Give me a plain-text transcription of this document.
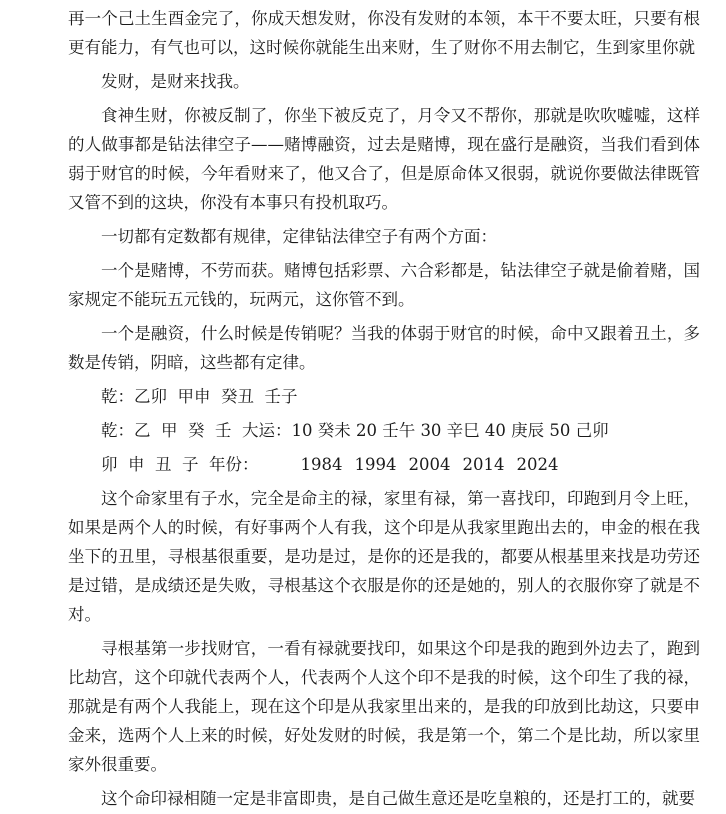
再一个己土生酉金完了，你成天想发财，你没有发财的本领，本干不要太旺，只要有根更有能力，有气也可以，这时候你就能生出来财，生了财你不用去制它，生到家里你就
发财，是财来找我。
食神生财，你被反制了，你坐下被反克了，月令又不帮你，那就是吹吹嘘嘘，这样的人做事都是钻法律空子——赌博融资，过去是赌博，现在盛行是融资，当我们看到体弱于财官的时候，今年看财来了，他又合了，但是原命体又很弱，就说你要做法律既管又管不到的这块，你没有本事只有投机取巧。
一切都有定数都有规律，定律钻法律空子有两个方面：
一个是赌博，不劳而获。赌博包括彩票、六合彩都是，钻法律空子就是偷着赌，国家规定不能玩五元钱的，玩两元，这你管不到。
一个是融资，什么时候是传销呢？当我的体弱于财官的时候，命中又跟着丑土，多数是传销，阴暗，这些都有定律。
乾：乙卯  甲申  癸丑  壬子
乾：乙  甲  癸  壬  大运：10 癸未 20 壬午 30 辛巳 40 庚辰 50 己卯
卯  申  丑  子  年份：	1984 1994 2004 2014 2024
这个命家里有子水，完全是命主的禄，家里有禄，第一喜找印，印跑到月令上旺，如果是两个人的时候，有好事两个人有我，这个印是从我家里跑出去的，申金的根在我坐下的丑里，寻根基很重要，是功是过，是你的还是我的，都要从根基里来找是功劳还是过错，是成绩还是失败，寻根基这个衣服是你的还是她的，别人的衣服你穿了就是不对。
寻根基第一步找财官，一看有禄就要找印，如果这个印是我的跑到外边去了，跑到比劫宫，这个印就代表两个人，代表两个人这个印不是我的时候，这个印生了我的禄，那就是有两个人我能上，现在这个印是从我家里出来的，是我的印放到比劫这，只要申金来，选两个人上来的时候，好处发财的时候，我是第一个，第二个是比劫，所以家里家外很重要。
这个命印禄相随一定是非富即贵，是自己做生意还是吃皇粮的，还是打工的，就要
